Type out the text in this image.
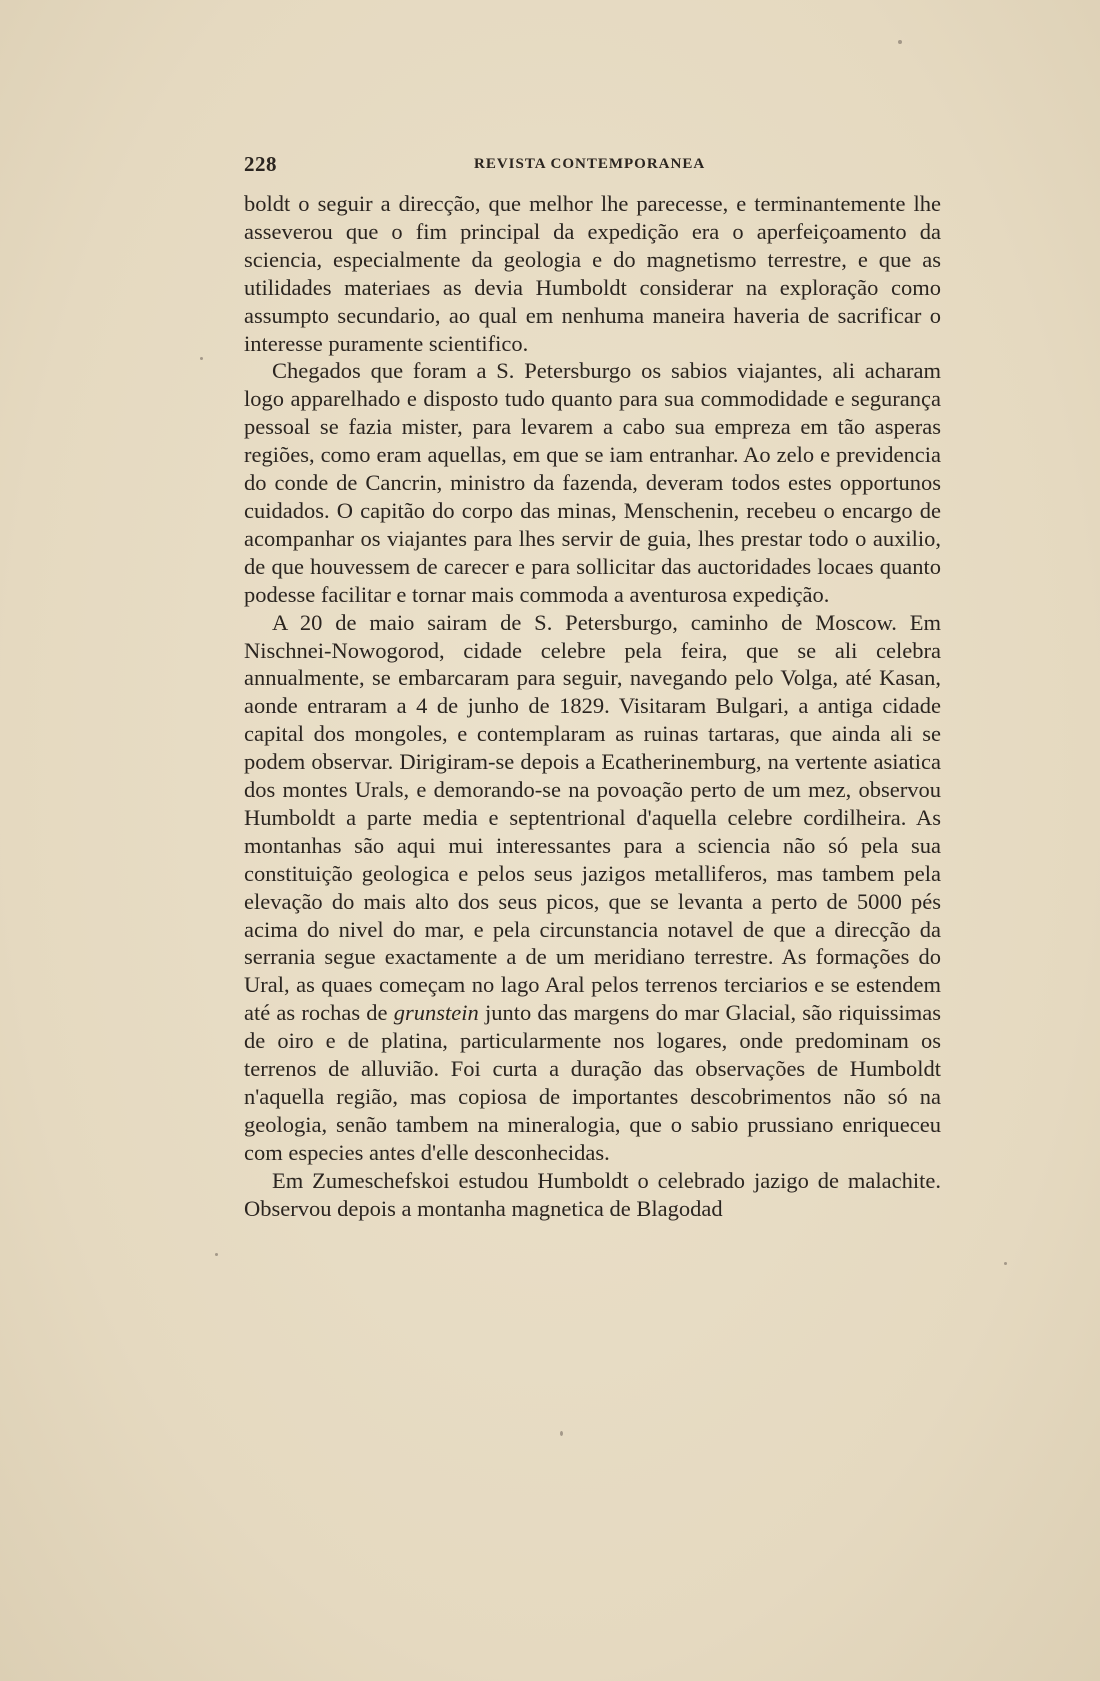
228	REVISTA CONTEMPORANEA

boldt o seguir a direcção, que melhor lhe parecesse, e terminantemente lhe asseverou que o fim principal da expedição era o aperfeiçoamento da sciencia, especialmente da geologia e do magnetismo terrestre, e que as utilidades materiaes as devia Humboldt considerar na exploração como assumpto secundario, ao qual em nenhuma maneira haveria de sacrificar o interesse puramente scientifico.

Chegados que foram a S. Petersburgo os sabios viajantes, ali acharam logo apparelhado e disposto tudo quanto para sua commodidade e segurança pessoal se fazia mister, para levarem a cabo sua empreza em tão asperas regiões, como eram aquellas, em que se iam entranhar. Ao zelo e previdencia do conde de Cancrin, ministro da fazenda, deveram todos estes opportunos cuidados. O capitão do corpo das minas, Menschenin, recebeu o encargo de acompanhar os viajantes para lhes servir de guia, lhes prestar todo o auxilio, de que houvessem de carecer e para sollicitar das auctoridades locaes quanto podesse facilitar e tornar mais commoda a aventurosa expedição.

A 20 de maio sairam de S. Petersburgo, caminho de Moscow. Em Nischnei-Nowogorod, cidade celebre pela feira, que se ali celebra annualmente, se embarcaram para seguir, navegando pelo Volga, até Kasan, aonde entraram a 4 de junho de 1829. Visitaram Bulgari, a antiga cidade capital dos mongoles, e contemplaram as ruinas tartaras, que ainda ali se podem observar. Dirigiram-se depois a Ecatherinemburg, na vertente asiatica dos montes Urals, e demorando-se na povoação perto de um mez, observou Humboldt a parte media e septentrional d'aquella celebre cordilheira. As montanhas são aqui mui interessantes para a sciencia não só pela sua constituição geologica e pelos seus jazigos metalliferos, mas tambem pela elevação do mais alto dos seus picos, que se levanta a perto de 5000 pés acima do nivel do mar, e pela circunstancia notavel de que a direcção da serrania segue exactamente a de um meridiano terrestre. As formações do Ural, as quaes começam no lago Aral pelos terrenos terciarios e se estendem até as rochas de grunstein junto das margens do mar Glacial, são riquissimas de oiro e de platina, particularmente nos logares, onde predominam os terrenos de alluvião. Foi curta a duração das observações de Humboldt n'aquella região, mas copiosa de importantes descobrimentos não só na geologia, senão tambem na mineralogia, que o sabio prussiano enriqueceu com especies antes d'elle desconhecidas.

Em Zumeschefskoi estudou Humboldt o celebrado jazigo de malachite. Observou depois a montanha magnetica de Blagodad
